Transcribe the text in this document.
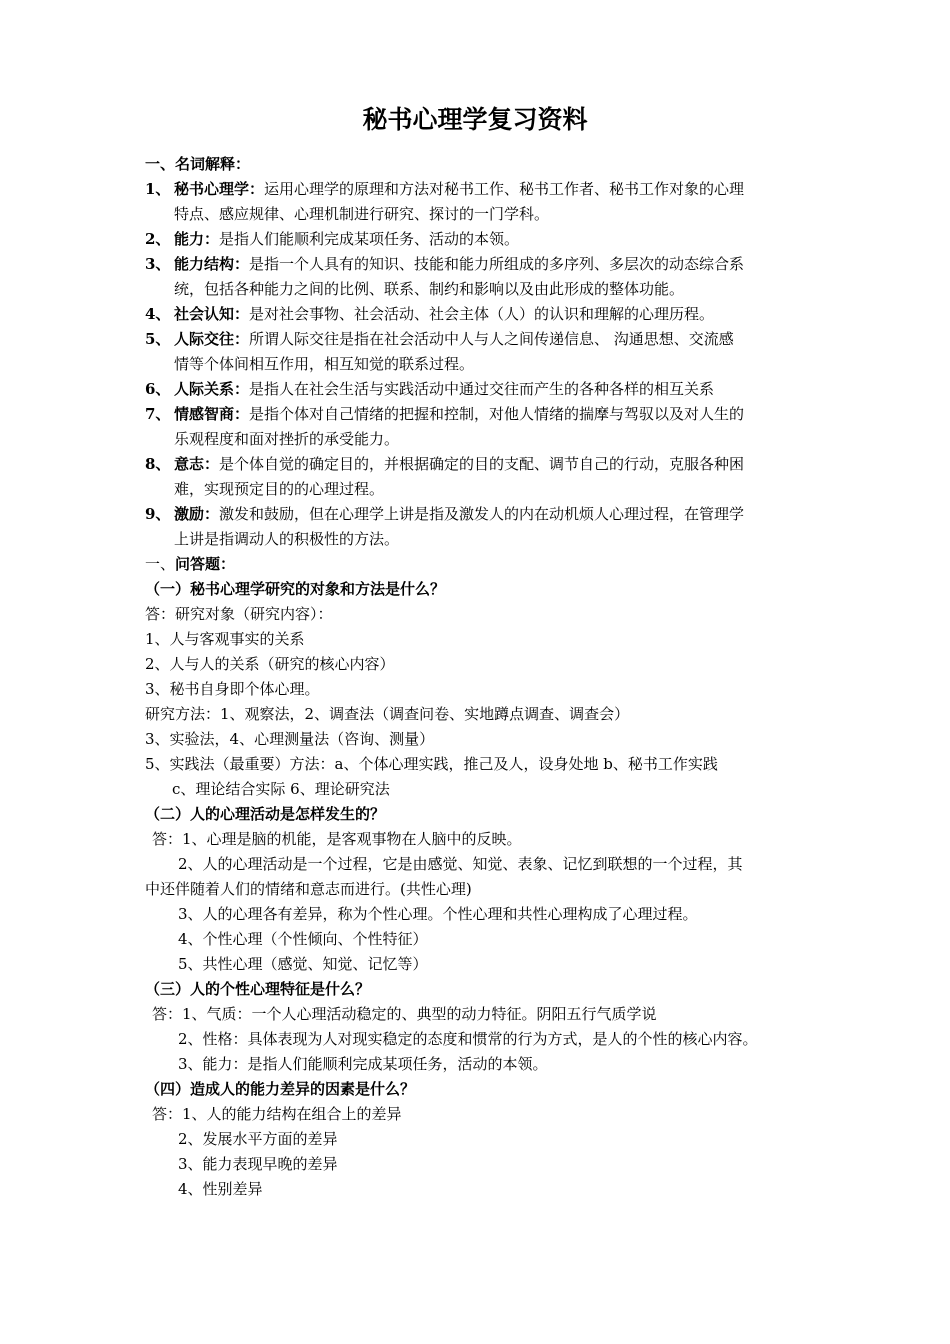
秘书心理学复习资料
一、名词解释：
1、 秘书心理学：运用心理学的原理和方法对秘书工作、秘书工作者、秘书工作对象的心理
特点、感应规律、心理机制进行研究、探讨的一门学科。
2、 能力：是指人们能顺利完成某项任务、活动的本领。
3、 能力结构：是指一个人具有的知识、技能和能力所组成的多序列、多层次的动态综合系
统，包括各种能力之间的比例、联系、制约和影响以及由此形成的整体功能。
4、 社会认知：是对社会事物、社会活动、社会主体（人）的认识和理解的心理历程。
5、 人际交往：所谓人际交往是指在社会活动中人与人之间传递信息、 沟通思想、交流感
情等个体间相互作用，相互知觉的联系过程。
6、 人际关系：是指人在社会生活与实践活动中通过交往而产生的各种各样的相互关系
7、 情感智商：是指个体对自己情绪的把握和控制，对他人情绪的揣摩与驾驭以及对人生的
乐观程度和面对挫折的承受能力。
8、 意志：是个体自觉的确定目的，并根据确定的目的支配、调节自己的行动，克服各种困
难，实现预定目的的心理过程。
9、 激励：激发和鼓励，但在心理学上讲是指及激发人的内在动机烦人心理过程，在管理学
上讲是指调动人的积极性的方法。
一、问答题：
（一）秘书心理学研究的对象和方法是什么？
答：研究对象（研究内容）：
1、人与客观事实的关系
2、人与人的关系（研究的核心内容）
3、秘书自身即个体心理。
研究方法：1、观察法，2、调查法（调查问卷、实地蹲点调查、调查会）
3、实验法，4、心理测量法（咨询、测量）
5、实践法（最重要）方法：a、个体心理实践，推己及人，设身处地 b、秘书工作实践
c、理论结合实际 6、理论研究法
（二）人的心理活动是怎样发生的？
答：1、心理是脑的机能，是客观事物在人脑中的反映。
2、人的心理活动是一个过程，它是由感觉、知觉、表象、记忆到联想的一个过程，其
中还伴随着人们的情绪和意志而进行。(共性心理)
3、人的心理各有差异，称为个性心理。个性心理和共性心理构成了心理过程。
4、个性心理（个性倾向、个性特征）
5、共性心理（感觉、知觉、记忆等）
（三）人的个性心理特征是什么？
答：1、气质：一个人心理活动稳定的、典型的动力特征。阴阳五行气质学说
2、性格：具体表现为人对现实稳定的态度和惯常的行为方式，是人的个性的核心内容。
3、能力：是指人们能顺利完成某项任务，活动的本领。
（四）造成人的能力差异的因素是什么？
答：1、人的能力结构在组合上的差异
2、发展水平方面的差异
3、能力表现早晚的差异
4、性别差异
